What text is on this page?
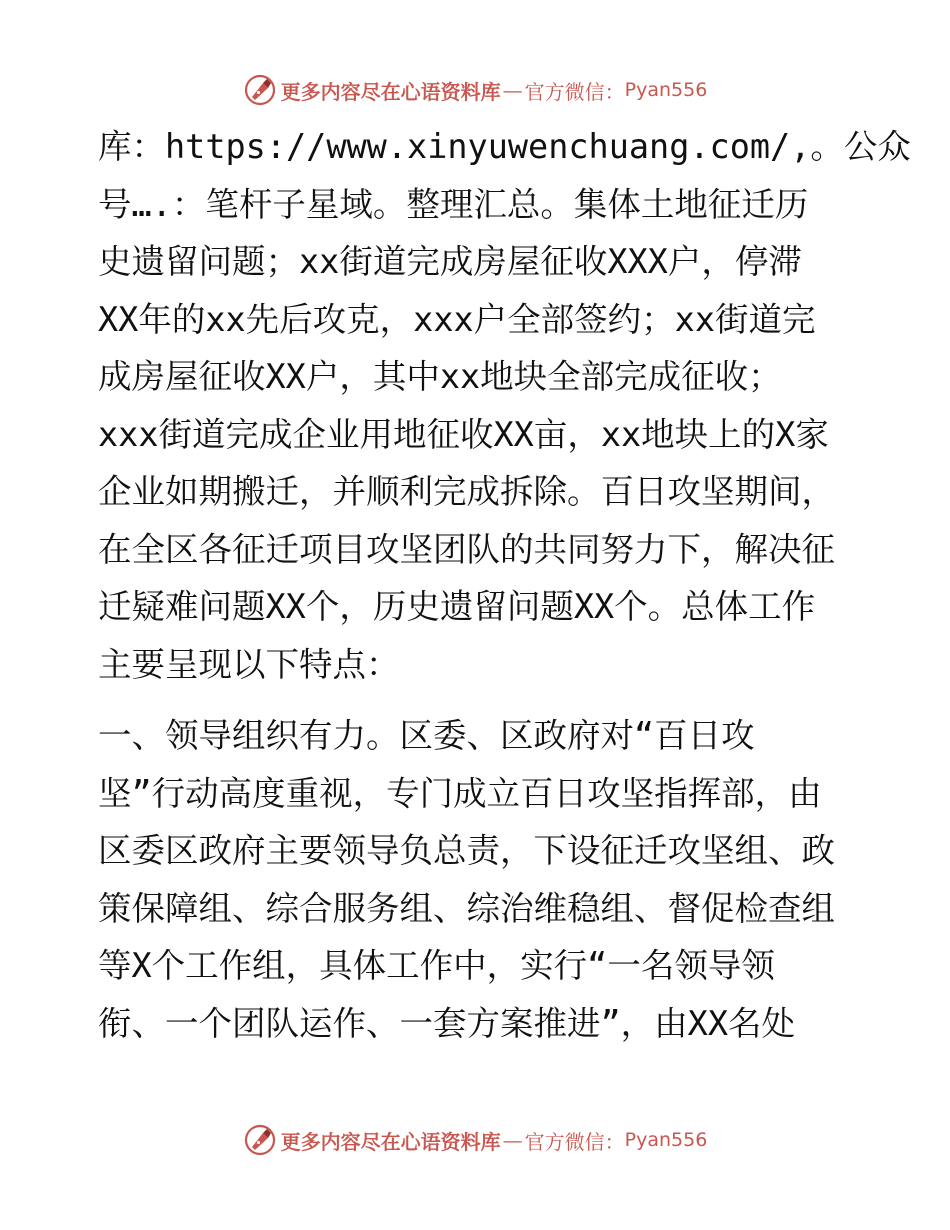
更多内容尽在心语资料库 — 官方微信： Pyan556
库：https://www.xinyuwenchuang.com/,。公众
号….：笔杆子星域。整理汇总。集体土地征迁历
史遗留问题；xx街道完成房屋征收XXX户，停滞
XX年的xx先后攻克，xxx户全部签约；xx街道完
成房屋征收XX户，其中xx地块全部完成征收；
xxx街道完成企业用地征收XX亩，xx地块上的X家
企业如期搬迁，并顺利完成拆除。百日攻坚期间，
在全区各征迁项目攻坚团队的共同努力下，解决征
迁疑难问题XX个，历史遗留问题XX个。总体工作
主要呈现以下特点：
一、领导组织有力。区委、区政府对“百日攻
坚”行动高度重视，专门成立百日攻坚指挥部，由
区委区政府主要领导负总责，下设征迁攻坚组、政
策保障组、综合服务组、综治维稳组、督促检查组
等X个工作组，具体工作中，实行“一名领导领
衔、一个团队运作、一套方案推进”，由XX名处
更多内容尽在心语资料库 — 官方微信： Pyan556
